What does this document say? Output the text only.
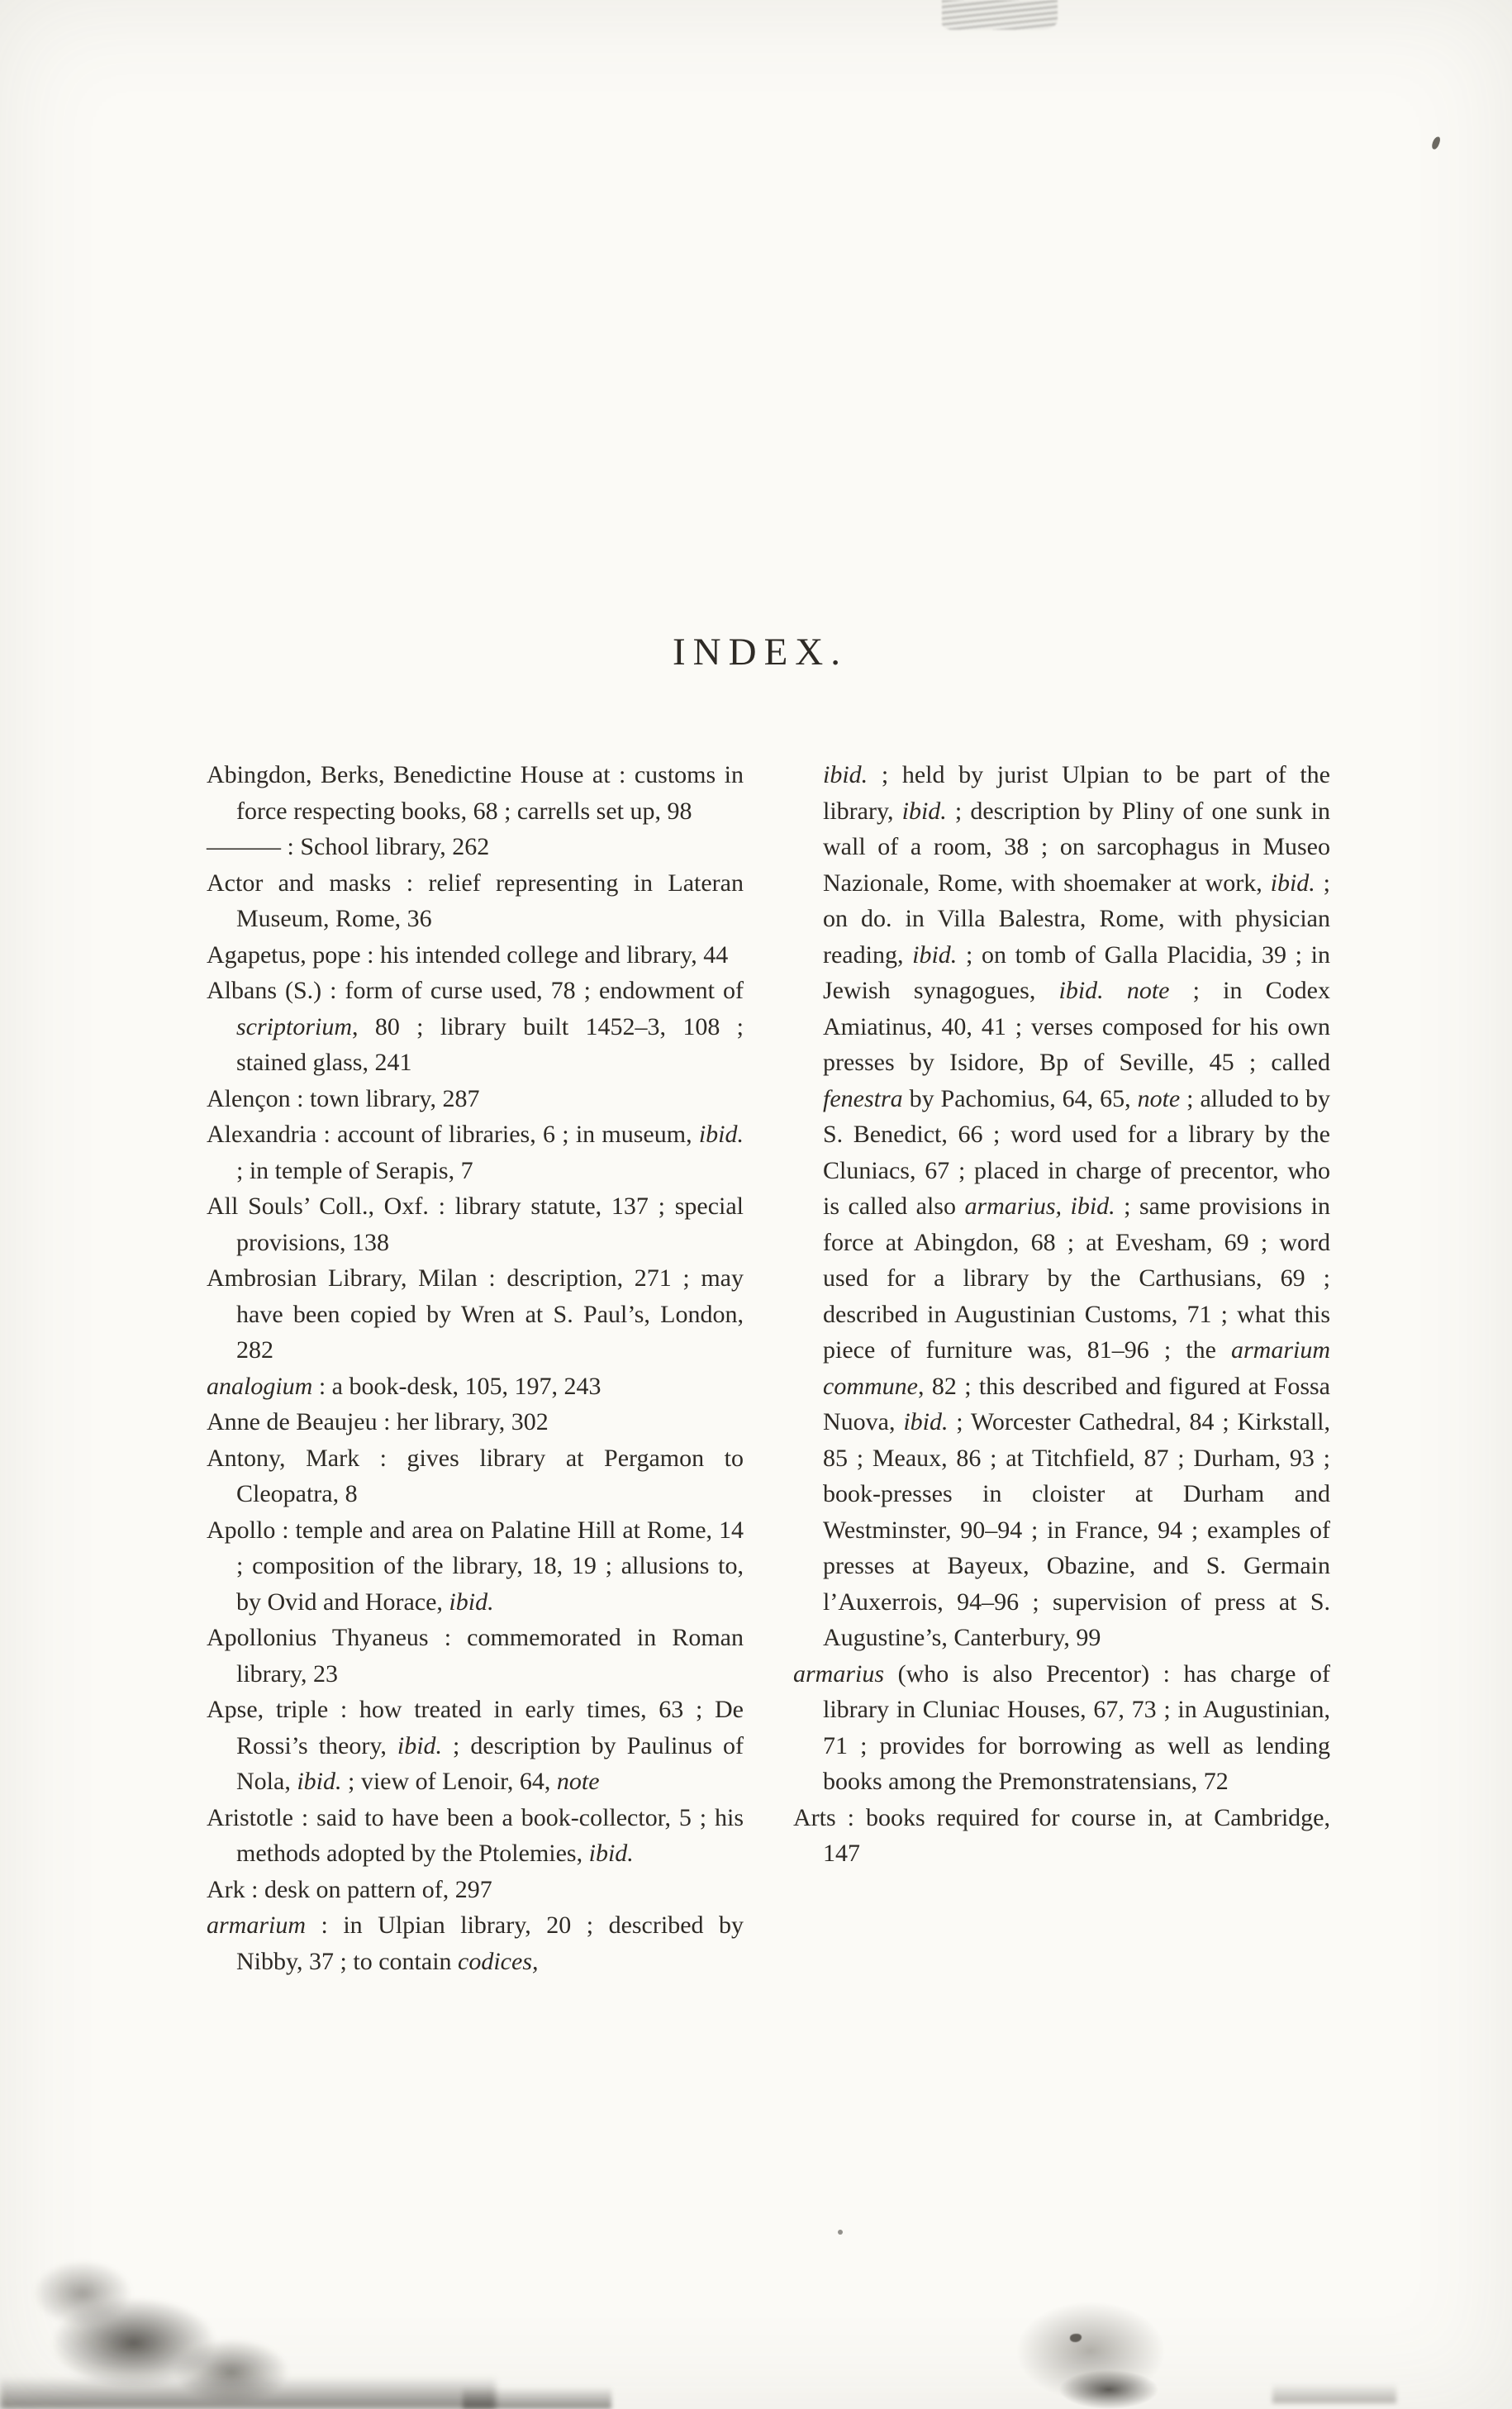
INDEX.

Abingdon, Berks, Benedictine House at : customs in force respecting books, 68 ; carrells set up, 98

——— : School library, 262

Actor and masks : relief representing in Lateran Museum, Rome, 36

Agapetus, pope : his intended college and library, 44

Albans (S.) : form of curse used, 78 ; endowment of scriptorium, 80 ; library built 1452–3, 108 ; stained glass, 241

Alençon : town library, 287

Alexandria : account of libraries, 6 ; in museum, ibid. ; in temple of Serapis, 7

All Souls’ Coll., Oxf. : library statute, 137 ; special provisions, 138

Ambrosian Library, Milan : description, 271 ; may have been copied by Wren at S. Paul’s, London, 282

analogium : a book-desk, 105, 197, 243

Anne de Beaujeu : her library, 302

Antony, Mark : gives library at Pergamon to Cleopatra, 8

Apollo : temple and area on Palatine Hill at Rome, 14 ; composition of the library, 18, 19 ; allusions to, by Ovid and Horace, ibid.

Apollonius Thyaneus : commemorated in Roman library, 23

Apse, triple : how treated in early times, 63 ; De Rossi’s theory, ibid. ; description by Paulinus of Nola, ibid. ; view of Lenoir, 64, note

Aristotle : said to have been a book-collector, 5 ; his methods adopted by the Ptolemies, ibid.

Ark : desk on pattern of, 297

armarium : in Ulpian library, 20 ; described by Nibby, 37 ; to contain codices,

ibid. ; held by jurist Ulpian to be part of the library, ibid. ; description by Pliny of one sunk in wall of a room, 38 ; on sarcophagus in Museo Nazionale, Rome, with shoemaker at work, ibid. ; on do. in Villa Balestra, Rome, with physician reading, ibid. ; on tomb of Galla Placidia, 39 ; in Jewish synagogues, ibid. note ; in Codex Amiatinus, 40, 41 ; verses composed for his own presses by Isidore, Bp of Seville, 45 ; called fenestra by Pachomius, 64, 65, note ; alluded to by S. Benedict, 66 ; word used for a library by the Cluniacs, 67 ; placed in charge of precentor, who is called also armarius, ibid. ; same provisions in force at Abingdon, 68 ; at Evesham, 69 ; word used for a library by the Carthusians, 69 ; described in Augustinian Customs, 71 ; what this piece of furniture was, 81–96 ; the armarium commune, 82 ; this described and figured at Fossa Nuova, ibid. ; Worcester Cathedral, 84 ; Kirkstall, 85 ; Meaux, 86 ; at Titchfield, 87 ; Durham, 93 ; book-presses in cloister at Durham and Westminster, 90–94 ; in France, 94 ; examples of presses at Bayeux, Obazine, and S. Germain l’Auxerrois, 94–96 ; supervision of press at S. Augustine’s, Canterbury, 99

armarius (who is also Precentor) : has charge of library in Cluniac Houses, 67, 73 ; in Augustinian, 71 ; provides for borrowing as well as lending books among the Premonstratensians, 72

Arts : books required for course in, at Cambridge, 147
